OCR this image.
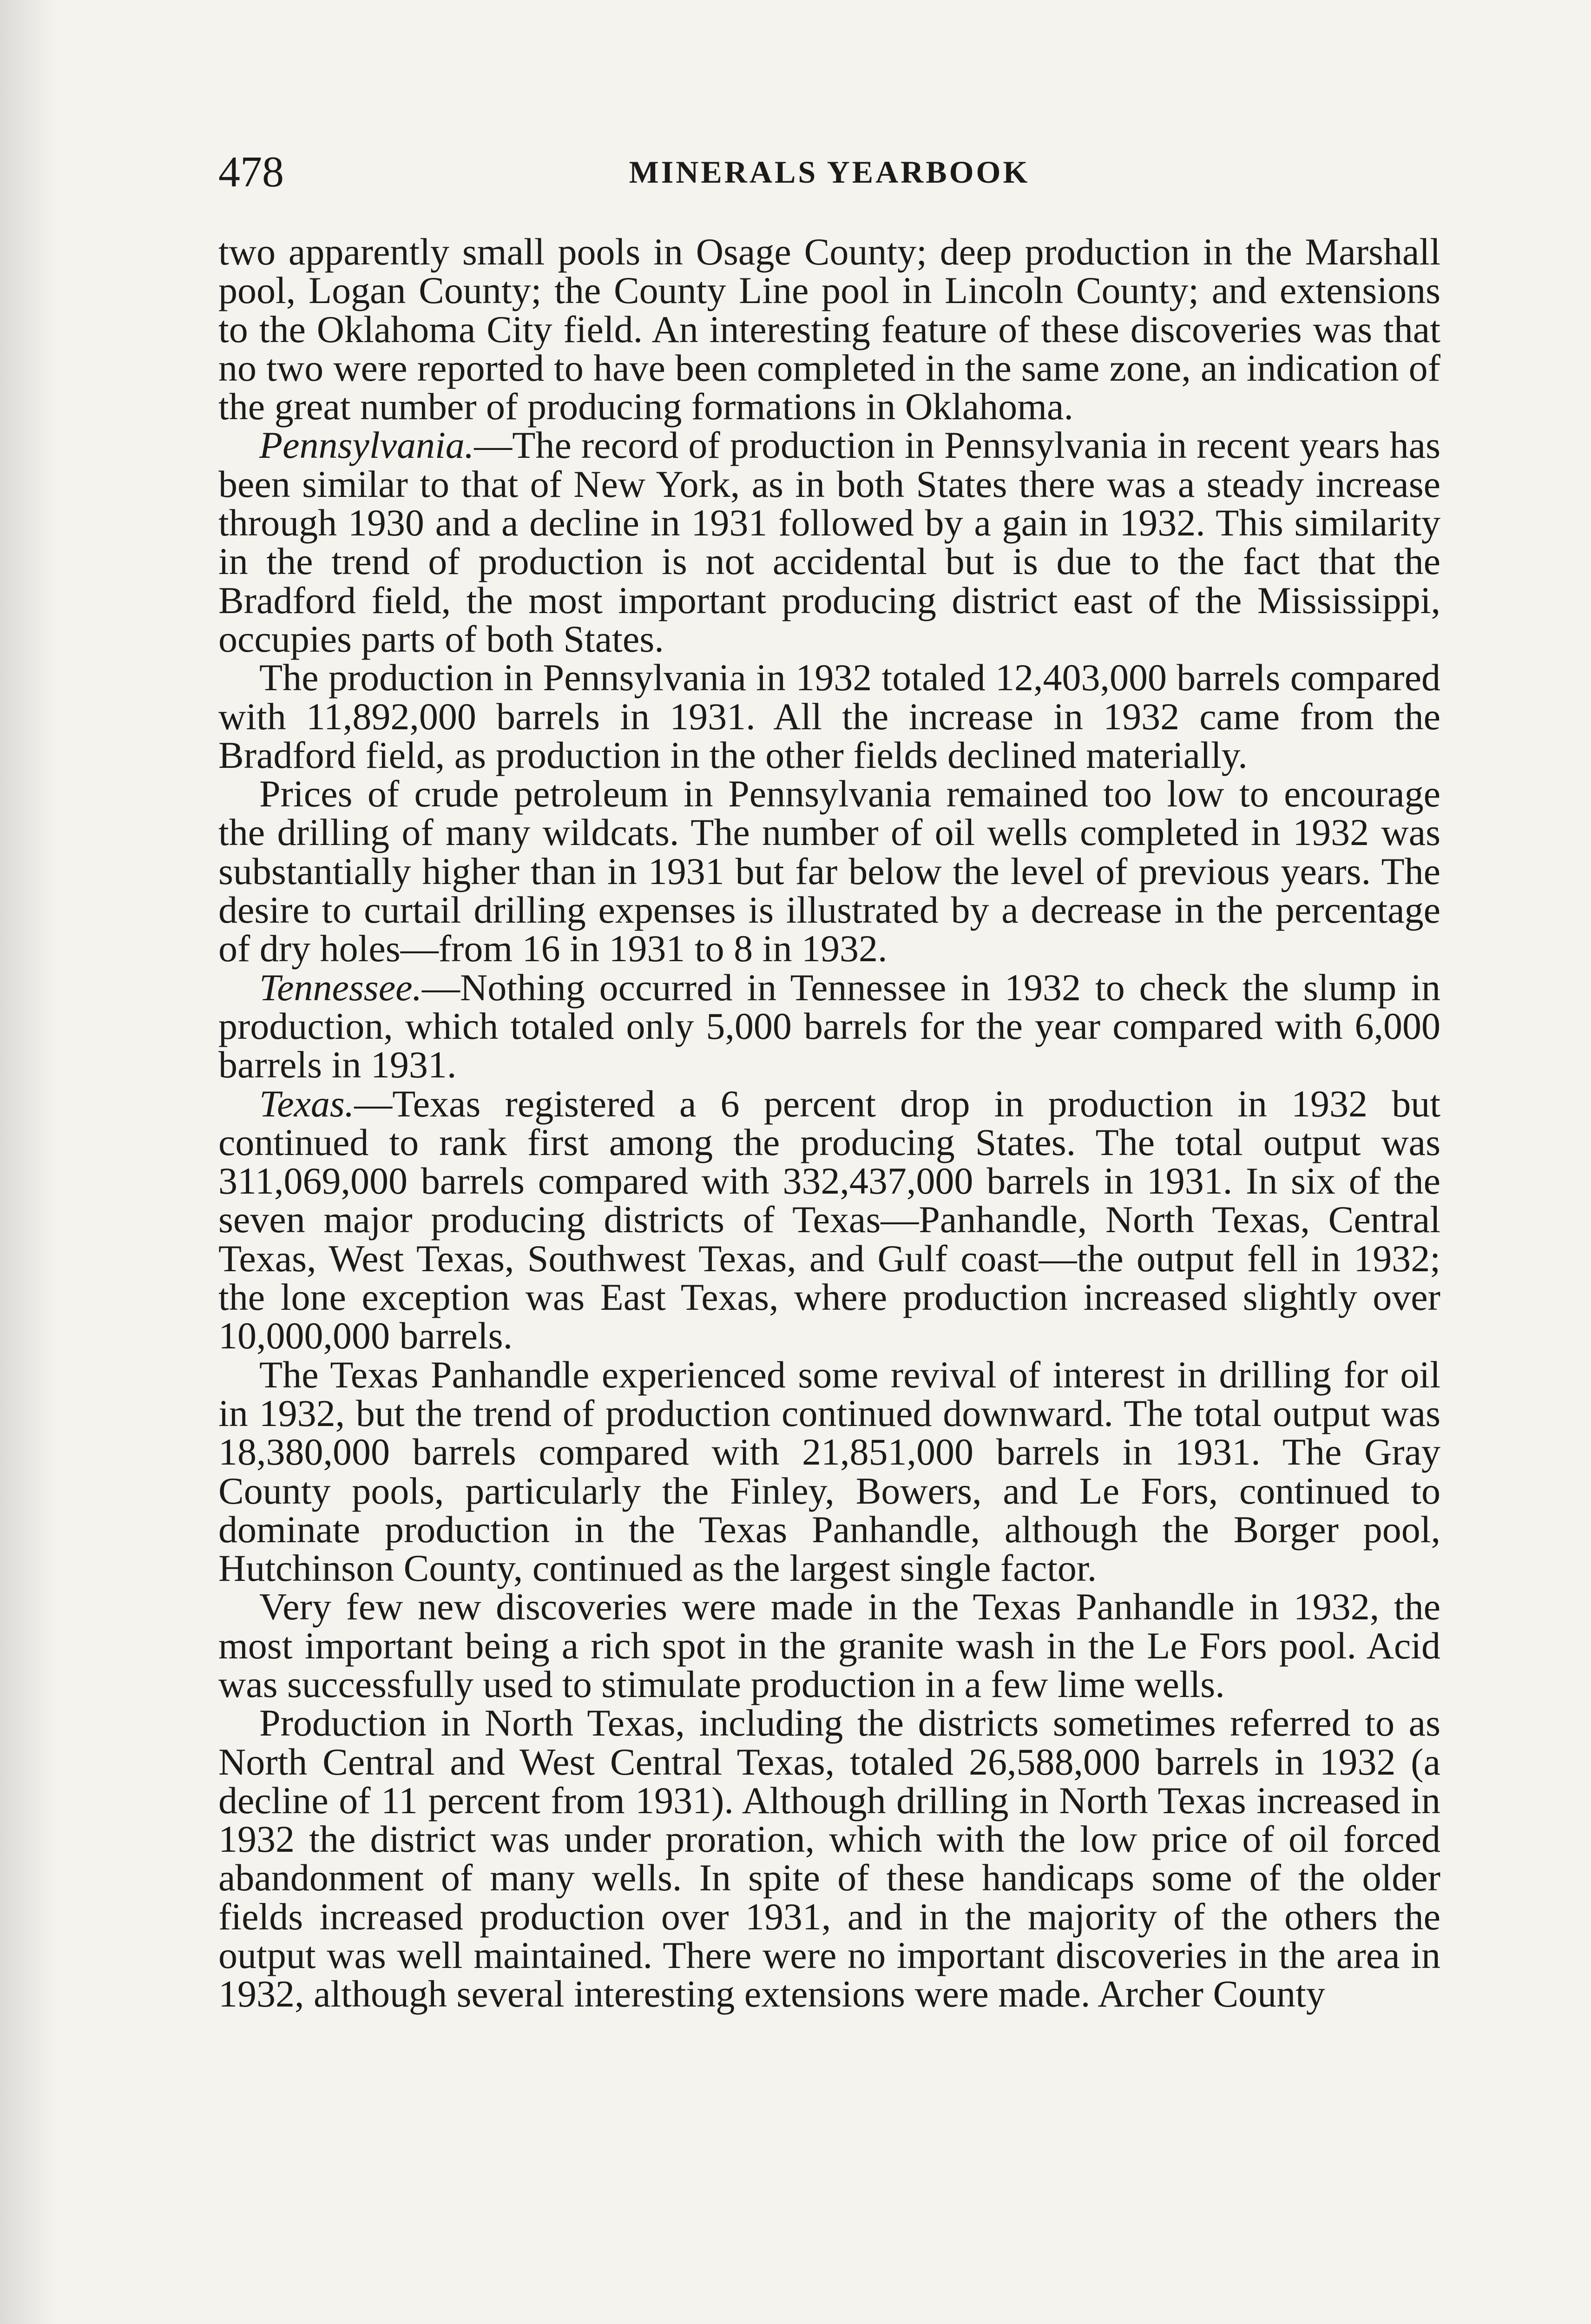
478	MINERALS YEARBOOK

two apparently small pools in Osage County; deep production in the Marshall pool, Logan County; the County Line pool in Lincoln County; and extensions to the Oklahoma City field. An interesting feature of these discoveries was that no two were reported to have been completed in the same zone, an indication of the great number of producing formations in Oklahoma.

Pennsylvania.—The record of production in Pennsylvania in recent years has been similar to that of New York, as in both States there was a steady increase through 1930 and a decline in 1931 followed by a gain in 1932. This similarity in the trend of production is not accidental but is due to the fact that the Bradford field, the most important producing district east of the Mississippi, occupies parts of both States.

The production in Pennsylvania in 1932 totaled 12,403,000 barrels compared with 11,892,000 barrels in 1931. All the increase in 1932 came from the Bradford field, as production in the other fields declined materially.

Prices of crude petroleum in Pennsylvania remained too low to encourage the drilling of many wildcats. The number of oil wells completed in 1932 was substantially higher than in 1931 but far below the level of previous years. The desire to curtail drilling expenses is illustrated by a decrease in the percentage of dry holes—from 16 in 1931 to 8 in 1932.

Tennessee.—Nothing occurred in Tennessee in 1932 to check the slump in production, which totaled only 5,000 barrels for the year compared with 6,000 barrels in 1931.

Texas.—Texas registered a 6 percent drop in production in 1932 but continued to rank first among the producing States. The total output was 311,069,000 barrels compared with 332,437,000 barrels in 1931. In six of the seven major producing districts of Texas—Panhandle, North Texas, Central Texas, West Texas, Southwest Texas, and Gulf coast—the output fell in 1932; the lone exception was East Texas, where production increased slightly over 10,000,000 barrels.

The Texas Panhandle experienced some revival of interest in drilling for oil in 1932, but the trend of production continued downward. The total output was 18,380,000 barrels compared with 21,851,000 barrels in 1931. The Gray County pools, particularly the Finley, Bowers, and Le Fors, continued to dominate production in the Texas Panhandle, although the Borger pool, Hutchinson County, continued as the largest single factor.

Very few new discoveries were made in the Texas Panhandle in 1932, the most important being a rich spot in the granite wash in the Le Fors pool. Acid was successfully used to stimulate production in a few lime wells.

Production in North Texas, including the districts sometimes referred to as North Central and West Central Texas, totaled 26,588,000 barrels in 1932 (a decline of 11 percent from 1931). Although drilling in North Texas increased in 1932 the district was under proration, which with the low price of oil forced abandonment of many wells. In spite of these handicaps some of the older fields increased production over 1931, and in the majority of the others the output was well maintained. There were no important discoveries in the area in 1932, although several interesting extensions were made. Archer County
